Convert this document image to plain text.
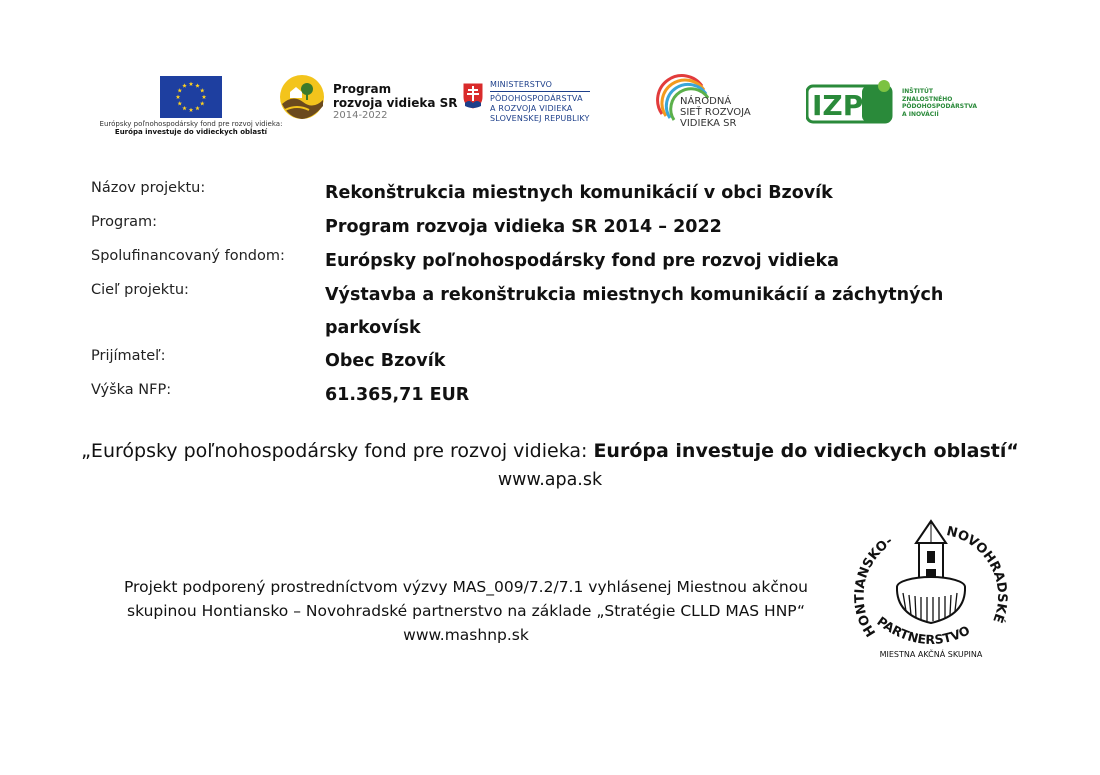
Európsky poľnohospodársky fond pre rozvoj vidieka:
Európa investuje do vidieckych oblastí
Program
rozvoja vidieka SR
2014-2022
MINISTERSTVO
PÔDOHOSPODÁRSTVA
A ROZVOJA VIDIEKA
SLOVENSKEJ REPUBLIKY
NÁRODNÁ
SIEŤ ROZVOJA
VIDIEKA SR
IZPI	INŠTITÚT
ZNALOSTNÉHO
PÔDOHOSPODÁRSTVA
A INOVÁCIÍ
Názov projektu:	Rekonštrukcia miestnych komunikácií v obci Bzovík
Program:	Program rozvoja vidieka SR 2014 – 2022
Spolufinancovaný fondom: Európsky poľnohospodársky fond pre rozvoj vidieka
Cieľ projektu:	Výstavba a rekonštrukcia miestnych komunikácií a záchytných parkovísk
Prijímateľ:	Obec Bzovík
Výška NFP:	61.365,71 EUR
„Európsky poľnohospodársky fond pre rozvoj vidieka: Európa investuje do vidieckych oblastí“
www.apa.sk
Projekt podporený prostredníctvom výzvy MAS_009/7.2/7.1 vyhlásenej Miestnou akčnou skupinou Hontiansko – Novohradské partnerstvo na základe „Stratégie CLLD MAS HNP“ www.mashnp.sk	HONTIANSKO-
NOVOHRADSKÉ
PARTNERSTVO
MIESTNA AKČNÁ SKUPINA
